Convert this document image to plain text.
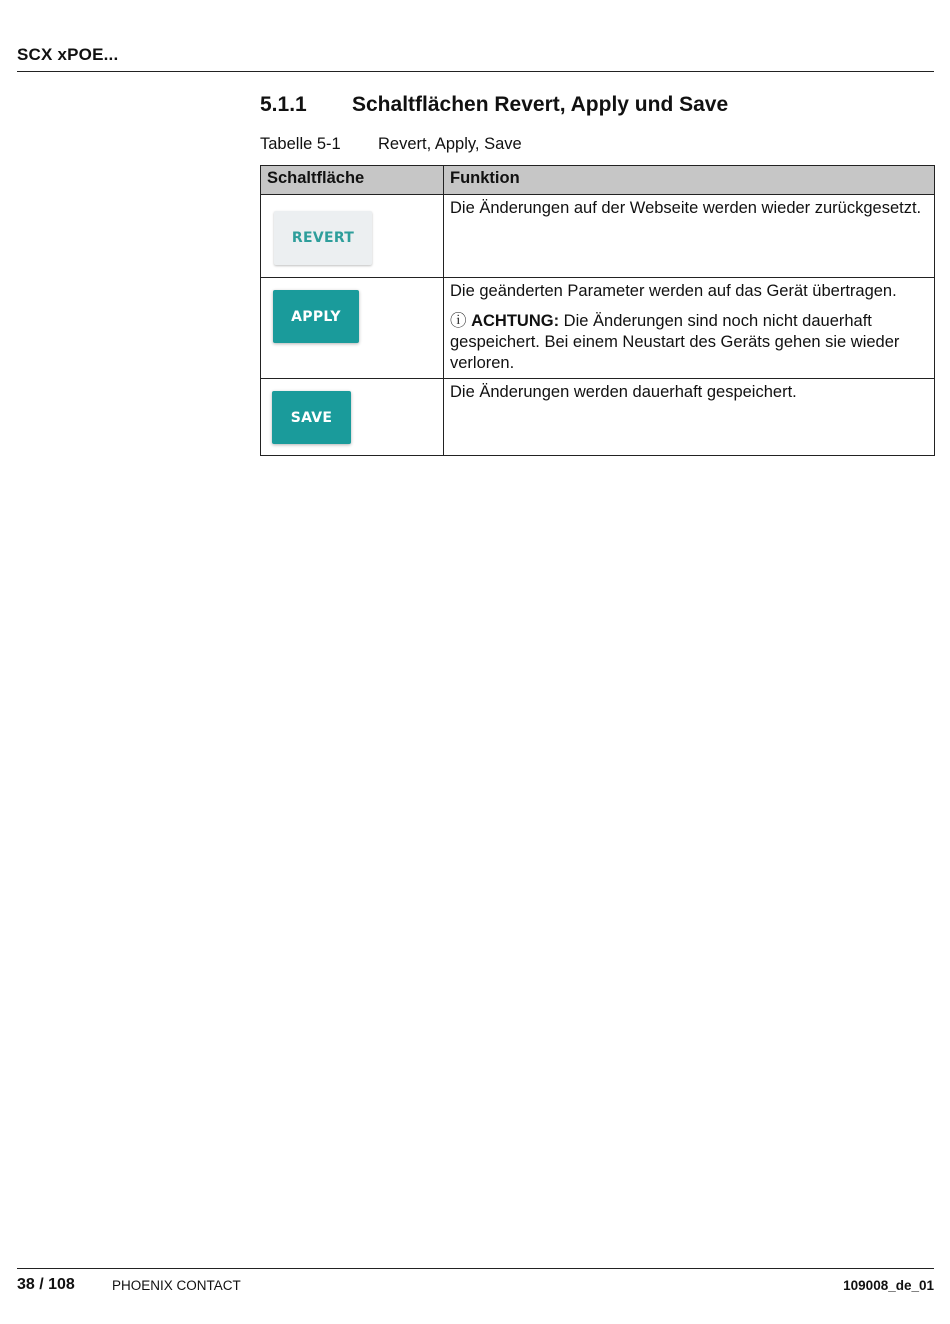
SCX xPOE...
5.1.1 Schaltflächen Revert, Apply und Save
Tabelle 5-1 Revert, Apply, Save
Schaltfläche	Funktion

REVERT	Die Änderungen auf der Webseite werden wieder zurückgesetzt.

APPLY	Die geänderten Parameter werden auf das Gerät übertragen.

ⓘ ACHTUNG: Die Änderungen sind noch nicht dauerhaft gespeichert. Bei einem Neustart des Geräts gehen sie wieder verloren.

SAVE	Die Änderungen werden dauerhaft gespeichert.

38 / 108	PHOENIX CONTACT	109008_de_01
